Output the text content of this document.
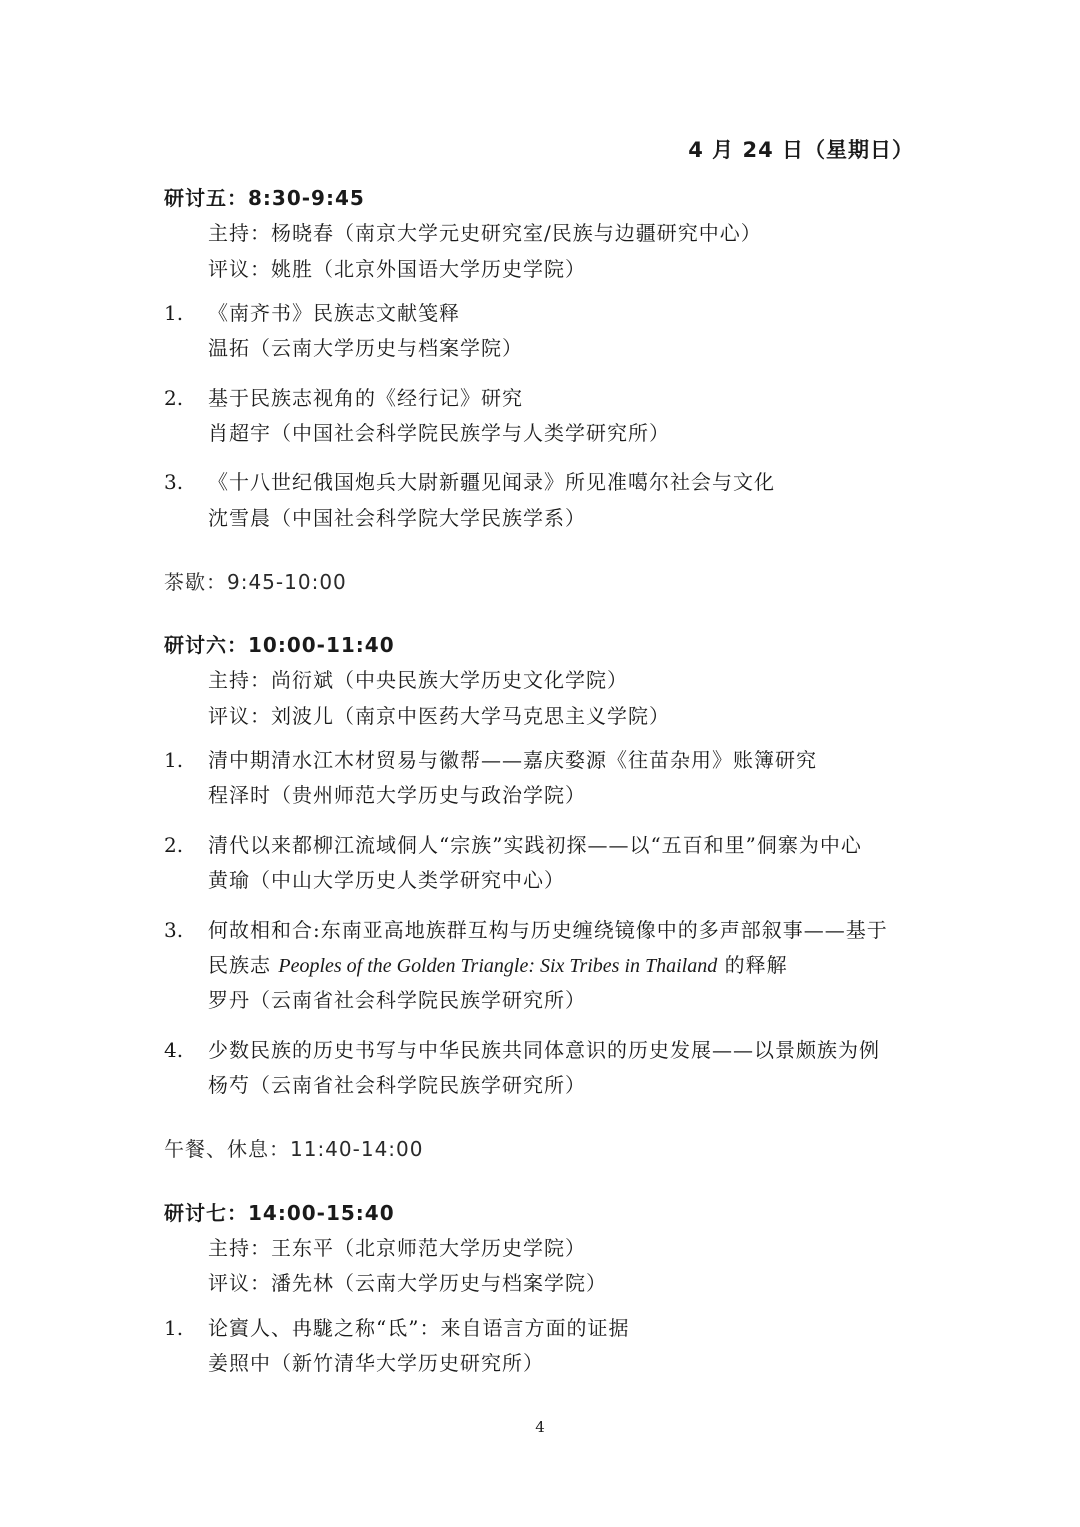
4 月 24 日（星期日）
研讨五：8:30-9:45
主持：杨晓春（南京大学元史研究室/民族与边疆研究中心）
评议：姚胜（北京外国语大学历史学院）
1. 《南齐书》民族志文献笺释
温拓（云南大学历史与档案学院）
2. 基于民族志视角的《经行记》研究
肖超宇（中国社会科学院民族学与人类学研究所）
3. 《十八世纪俄国炮兵大尉新疆见闻录》所见准噶尔社会与文化
沈雪晨（中国社会科学院大学民族学系）
茶歇：9:45-10:00
研讨六：10:00-11:40
主持：尚衍斌（中央民族大学历史文化学院）
评议：刘波儿（南京中医药大学马克思主义学院）
1. 清中期清水江木材贸易与徽帮——嘉庆婺源《往苗杂用》账簿研究
程泽时（贵州师范大学历史与政治学院）
2. 清代以来都柳江流域侗人“宗族”实践初探——以“五百和里”侗寨为中心
黄瑜（中山大学历史人类学研究中心）
3. 何故相和合:东南亚高地族群互构与历史缠绕镜像中的多声部叙事——基于
民族志 Peoples of the Golden Triangle: Six Tribes in Thailand 的释解
罗丹（云南省社会科学院民族学研究所）
4. 少数民族的历史书写与中华民族共同体意识的历史发展——以景颇族为例
杨芍（云南省社会科学院民族学研究所）
午餐、休息：11:40-14:00
研讨七：14:00-15:40
主持：王东平（北京师范大学历史学院）
评议：潘先林（云南大学历史与档案学院）
1. 论賨人、冉駹之称“氐”：来自语言方面的证据
姜照中（新竹清华大学历史研究所）
4
